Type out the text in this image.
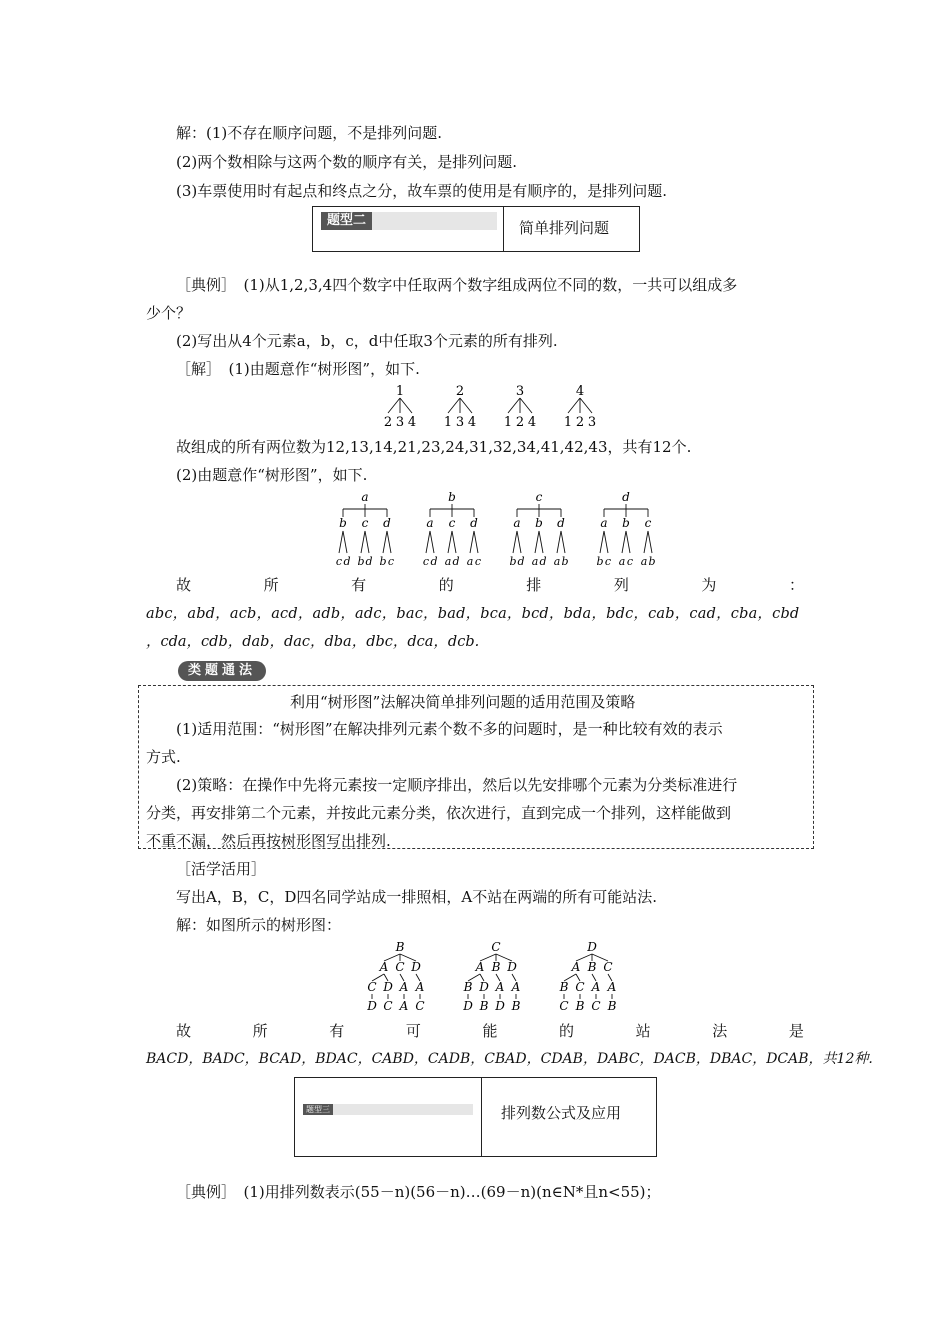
解：(1)不存在顺序问题，不是排列问题.
(2)两个数相除与这两个数的顺序有关，是排列问题.
(3)车票使用时有起点和终点之分，故车票的使用是有顺序的，是排列问题.
题型二	简单排列问题
［典例］　(1)从1,2,3,4四个数字中任取两个数字组成两位不同的数，一共可以组成多
少个？
(2)写出从4个元素a，b，c，d中任取3个元素的所有排列.
［解］　(1)由题意作“树形图”，如下.
1
2 3 4
2
1 3 4
3
1 2 4
4
1 2 3
故组成的所有两位数为12,13,14,21,23,24,31,32,34,41,42,43，共有12个.
(2)由题意作“树形图”，如下.
a
b
c d
c
b d
d
b c
b
a
c d
c
a d
d
a c
c
a
b d
b
a d
d
a b
d
a
b c
b
a c
c
a b
故	所	有	的	排	列	为	：
abc，abd，acb，acd，adb，adc，bac，bad，bca，bcd，bda，bdc，cab，cad，cba，cbd
，cda，cdb，dab，dac，dba，dbc，dca，dcb.
类题通法
利用“树形图”法解决简单排列问题的适用范围及策略
(1)适用范围：“树形图”在解决排列元素个数不多的问题时，是一种比较有效的表示
方式.
(2)策略：在操作中先将元素按一定顺序排出，然后以先安排哪个元素为分类标准进行
分类，再安排第二个元素，并按此元素分类，依次进行，直到完成一个排列，这样能做到
不重不漏，然后再按树形图写出排列.
［活学活用］
写出A，B，C，D四名同学站成一排照相，A不站在两端的所有可能站法.
解：如图所示的树形图：
B
A C D
C
D
D
C
A
A
A
C
C
A B D
B
D
D
B
A
D
A
B
D
A B C
B
C
C
B
A
C
A
B
故	所	有	可	能	的	站	法	是
BACD，BADC，BCAD，BDAC，CABD，CADB，CBAD，CDAB，DABC，DACB，DBAC，DCAB，共12种.
题型三	排列数公式及应用
［典例］　(1)用排列数表示(55－n)(56－n)…(69－n)(n∈N*且n<55)；
